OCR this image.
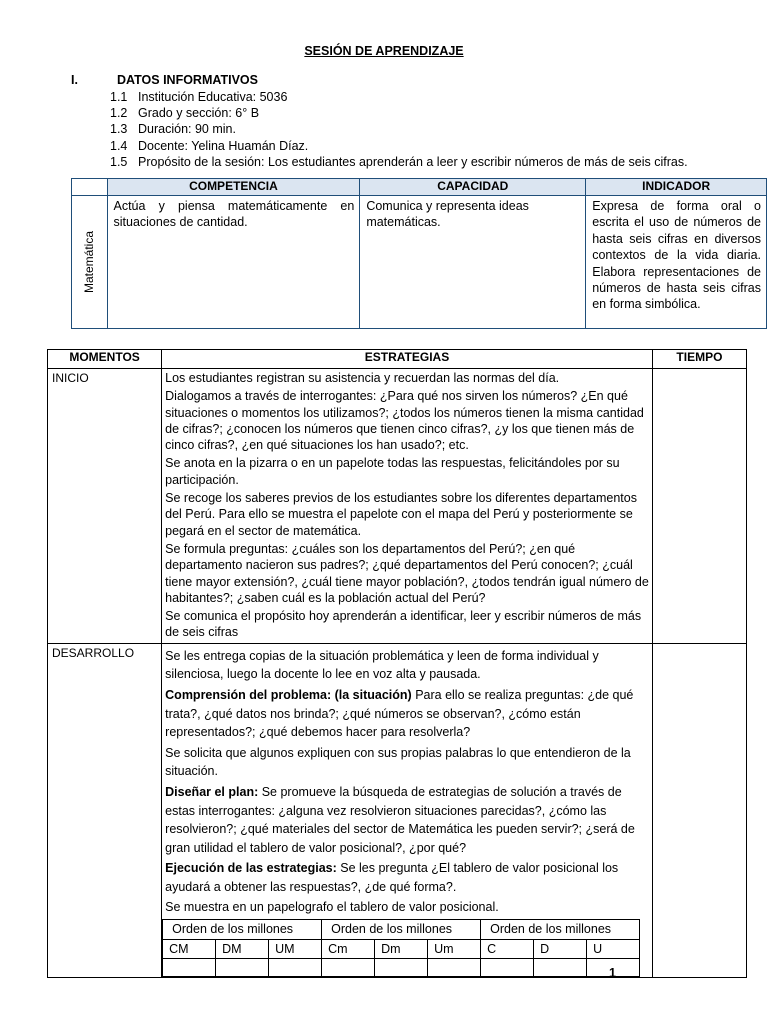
SESIÓN DE APRENDIZAJE
I.	DATOS INFORMATIVOS
1.1 Institución Educativa: 5036
1.2 Grado y sección: 6° B
1.3 Duración: 90 min.
1.4 Docente: Yelina Huamán Díaz.
1.5 Propósito de la sesión: Los estudiantes aprenderán a leer y escribir números de más de seis cifras.
	COMPETENCIA	CAPACIDAD	INDICADOR

Matemática	Actúa y piensa matemáticamente en situaciones de cantidad.	Comunica y representa ideas matemáticas.	Expresa de forma oral o escrita el uso de números de hasta seis cifras en diversos contextos de la vida diaria. Elabora representaciones de números de hasta seis cifras en forma simbólica.
MOMENTOS	ESTRATEGIAS	TIEMPO
INICIO	Los estudiantes registran su asistencia y recuerdan las normas del día.
Dialogamos a través de interrogantes: ¿Para qué nos sirven los números? ¿En qué situaciones o momentos los utilizamos?; ¿todos los números tienen la misma cantidad de cifras?; ¿conocen los números que tienen cinco cifras?, ¿y los que tienen más de cinco cifras?, ¿en qué situaciones los han usado?; etc.
Se anota en la pizarra o en un papelote todas las respuestas, felicitándoles por su participación.
Se recoge los saberes previos de los estudiantes sobre los diferentes departamentos del Perú. Para ello se muestra el papelote con el mapa del Perú y posteriormente se pegará en el sector de matemática.
Se formula preguntas: ¿cuáles son los departamentos del Perú?; ¿en qué departamento nacieron sus padres?; ¿qué departamentos del Perú conocen?; ¿cuál tiene mayor extensión?, ¿cuál tiene mayor población?, ¿todos tendrán igual número de habitantes?; ¿saben cuál es la población actual del Perú?
Se comunica el propósito hoy aprenderán a identificar, leer y escribir números de más de seis cifras

DESARROLLO	Se les entrega copias de la situación problemática y leen de forma individual y silenciosa, luego la docente lo lee en voz alta y pausada.
Comprensión del problema: (la situación) Para ello se realiza preguntas: ¿de qué trata?, ¿qué datos nos brinda?; ¿qué números se observan?, ¿cómo están representados?; ¿qué debemos hacer para resolverla?
Se solicita que algunos expliquen con sus propias palabras lo que entendieron de la situación.
Diseñar el plan: Se promueve la búsqueda de estrategias de solución a través de estas interrogantes: ¿alguna vez resolvieron situaciones parecidas?, ¿cómo las resolvieron?; ¿qué materiales del sector de Matemática les pueden servir?; ¿será de gran utilidad el tablero de valor posicional?, ¿por qué?
Ejecución de las estrategias: Se les pregunta ¿El tablero de valor posicional los ayudará a obtener las respuestas?, ¿de qué forma?.
Se muestra en un papelografo el tablero de valor posicional.
Orden de los millones	Orden de los millones	Orden de los millones
CM	DM	UM	Cm	Dm	Um	C	D	U

1
